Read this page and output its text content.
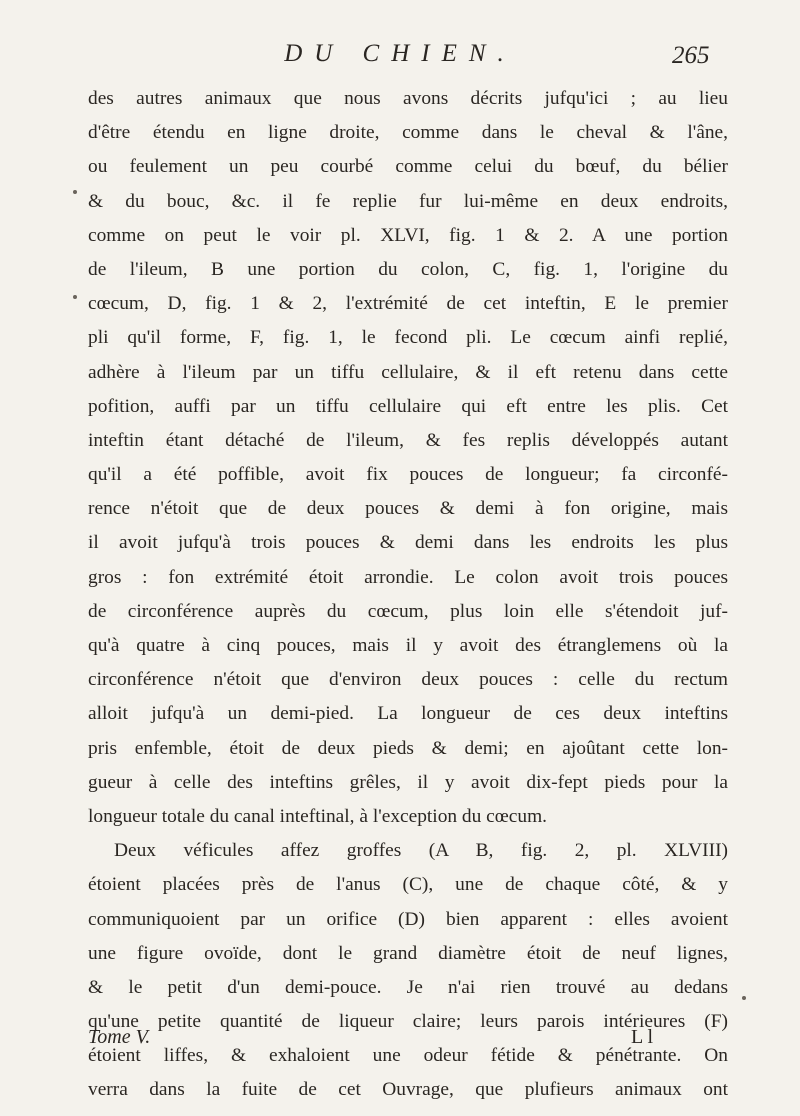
DU CHIEN.	265
des autres animaux que nous avons décrits jufqu'ici ; au lieu
d'être étendu en ligne droite, comme dans le cheval & l'âne,
ou feulement un peu courbé comme celui du bœuf, du bélier
& du bouc, &c. il fe replie fur lui-même en deux endroits,
comme on peut le voir pl. XLVI, fig. 1 & 2. A une portion
de l'ileum, B une portion du colon, C, fig. 1, l'origine du
cœcum, D, fig. 1 & 2, l'extrémité de cet inteftin, E le premier
pli qu'il forme, F, fig. 1, le fecond pli. Le cœcum ainfi replié,
adhère à l'ileum par un tiffu cellulaire, & il eft retenu dans cette
pofition, auffi par un tiffu cellulaire qui eft entre les plis. Cet
inteftin étant détaché de l'ileum, & fes replis développés autant
qu'il a été poffible, avoit fix pouces de longueur; fa circonfé-
rence n'étoit que de deux pouces & demi à fon origine, mais
il avoit jufqu'à trois pouces & demi dans les endroits les plus
gros : fon extrémité étoit arrondie. Le colon avoit trois pouces
de circonférence auprès du cœcum, plus loin elle s'étendoit juf-
qu'à quatre à cinq pouces, mais il y avoit des étranglemens où la
circonférence n'étoit que d'environ deux pouces : celle du rectum
alloit jufqu'à un demi-pied. La longueur de ces deux inteftins
pris enfemble, étoit de deux pieds & demi; en ajoûtant cette lon-
gueur à celle des inteftins grêles, il y avoit dix-fept pieds pour la
longueur totale du canal inteftinal, à l'exception du cœcum.
Deux véficules affez groffes (A B, fig. 2, pl. XLVIII)
étoient placées près de l'anus (C), une de chaque côté, & y
communiquoient par un orifice (D) bien apparent : elles avoient
une figure ovoïde, dont le grand diamètre étoit de neuf lignes,
& le petit d'un demi-pouce. Je n'ai rien trouvé au dedans
qu'une petite quantité de liqueur claire; leurs parois intérieures (F)
étoient liffes, & exhaloient une odeur fétide & pénétrante. On
verra dans la fuite de cet Ouvrage, que plufieurs animaux ont
Tome V.	L l
